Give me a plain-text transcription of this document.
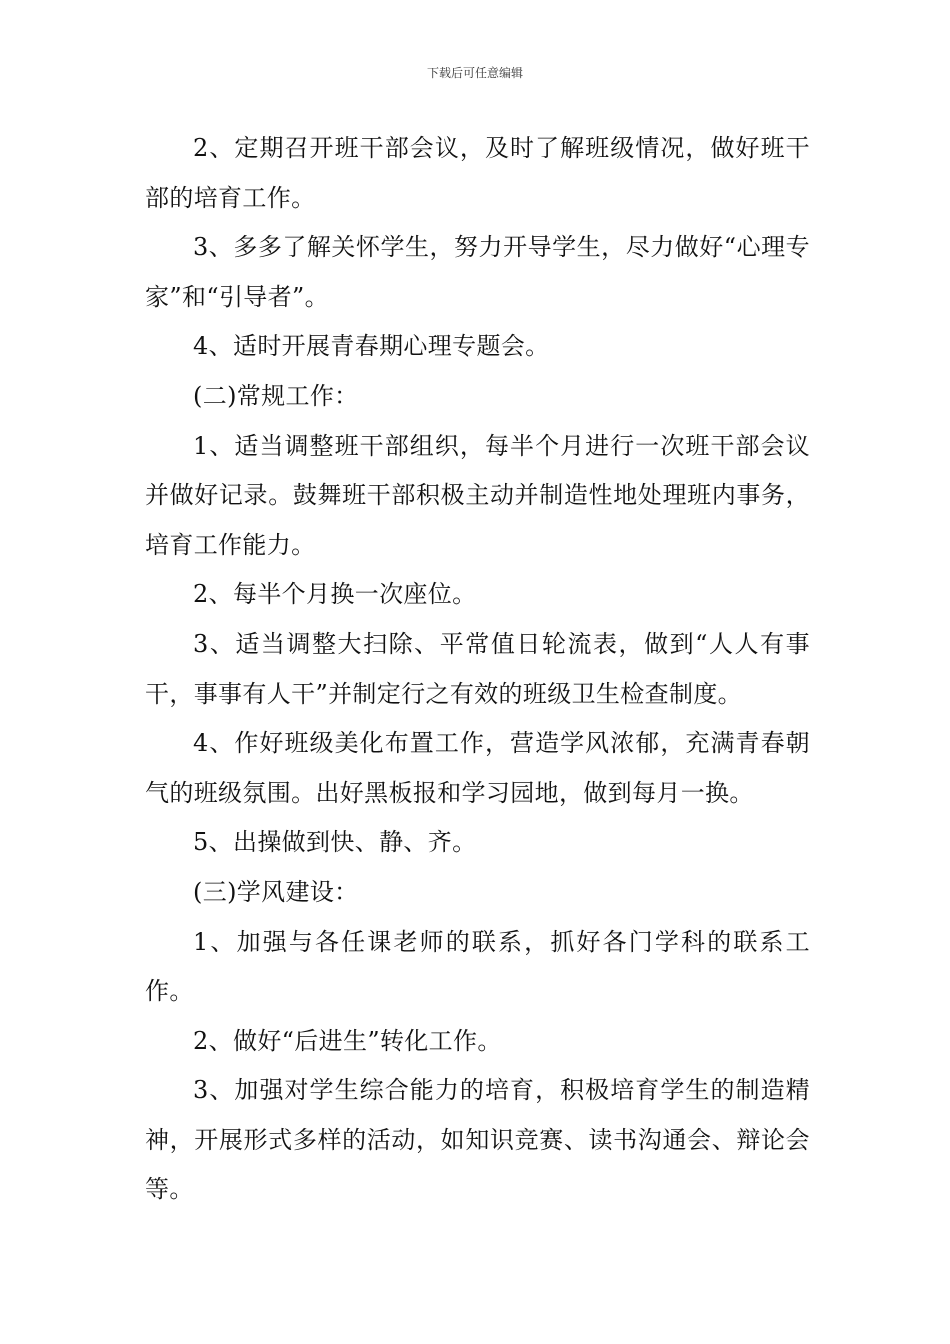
下载后可任意编辑

2、定期召开班干部会议，及时了解班级情况，做好班干部的培育工作。

3、多多了解关怀学生，努力开导学生，尽力做好“心理专家”和“引导者”。

4、适时开展青春期心理专题会。

(二)常规工作：

1、适当调整班干部组织，每半个月进行一次班干部会议并做好记录。鼓舞班干部积极主动并制造性地处理班内事务，培育工作能力。

2、每半个月换一次座位。

3、适当调整大扫除、平常值日轮流表，做到“人人有事干，事事有人干”并制定行之有效的班级卫生检查制度。

4、作好班级美化布置工作，营造学风浓郁，充满青春朝气的班级氛围。出好黑板报和学习园地，做到每月一换。

5、出操做到快、静、齐。

(三)学风建设：

1、加强与各任课老师的联系，抓好各门学科的联系工作。

2、做好“后进生”转化工作。

3、加强对学生综合能力的培育，积极培育学生的制造精神，开展形式多样的活动，如知识竞赛、读书沟通会、辩论会等。
